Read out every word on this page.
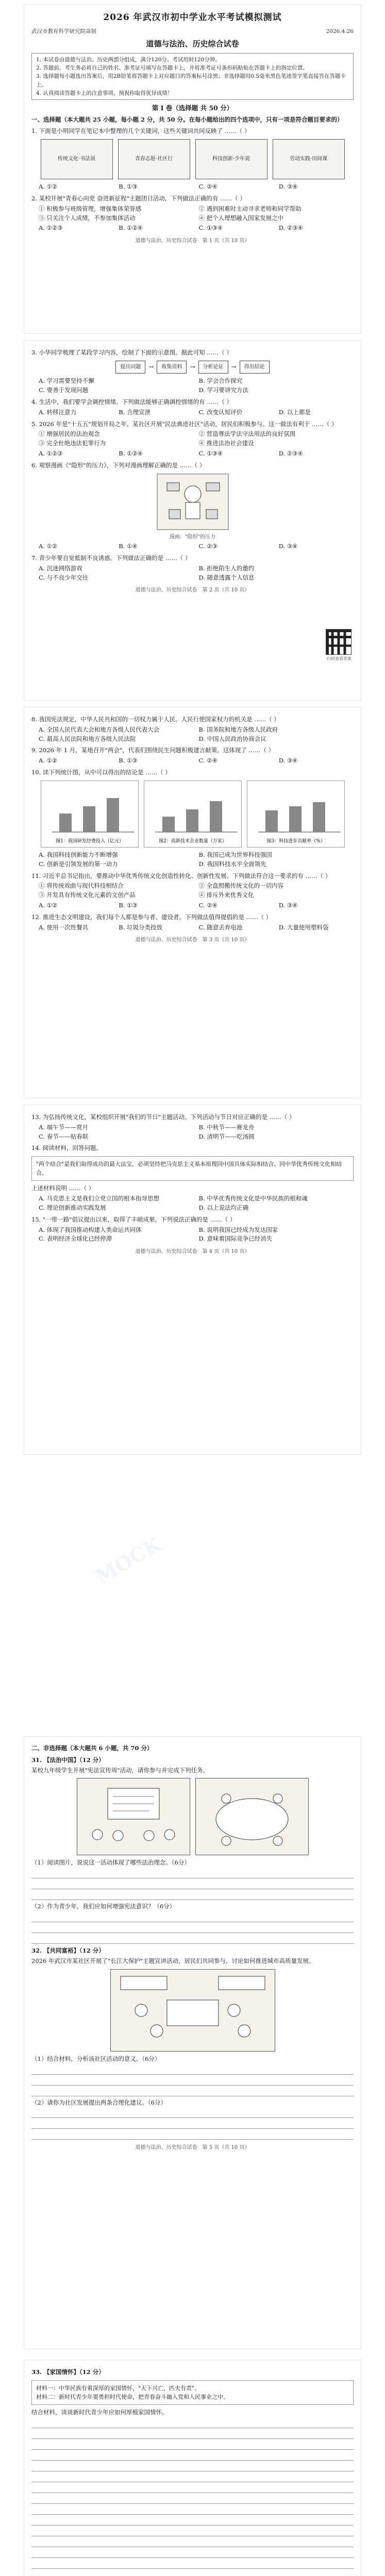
2026 年武汉市初中学业水平考试模拟测试
武汉市教育科学研究院命制	2026.4.26
道德与法治、历史综合试卷
1. 本试卷由道德与法治、历史两部分组成，满分120分。考试用时120分钟。
2. 答题前，考生务必将自己的姓名、准考证号填写在答题卡上，并将准考证号条形码粘贴在答题卡上的指定位置。
3. 选择题每小题选出答案后，用2B铅笔将答题卡上对应题目的答案标号涂黑；非选择题用0.5毫米黑色笔迹签字笔直接答在答题卡上。
4. 认真阅读答题卡上的注意事项。预祝你取得优异成绩！
第 I 卷（选择题 共 50 分）
一、选择题（本大题共 25 小题，每小题 2 分，共 50 分。在每小题给出的四个选项中，只有一项是符合题目要求的）

1. 下面是小明同学在笔记本中整理的几个关键词，这些关键词共同反映了 ……（ ）

传统文化·书法展	青春志愿·社区行	科技创新·少年说	劳动实践·田间课
A. ①②	B. ①③	C. ②④	D. ③④

2. 某校开展"青春心向党 奋进新征程"主题团日活动，下列做法正确的有 ……（ ）

① 积极参与班级管理，增强集体荣誉感	② 遇到困难时主动寻求老师和同学帮助
③ 只关注个人成绩，不参加集体活动	④ 把个人理想融入国家发展之中
A. ①②③	B. ①②④	C. ①③④	D. ②③④
道德与法治、历史综合试卷　第 1 页（共 10 页）

3. 小华同学梳理了某段学习内容，绘制了下面的示意图。据此可知 ……（ ）

提出问题	→	收集资料	→	分析论证	→	得出结论
A. 学习需要坚持不懈	B. 学会合作探究
C. 要善于发现问题	D. 学习要讲究方法

4. 生活中，我们要学会调控情绪。下列做法能够正确调控情绪的有 ……（ ）

A. 转移注意力	B. 合理宣泄	C. 改变认知评价	D. 以上都是

5. 2026 年是"十五五"规划开局之年。某社区开展"民法典进社区"活动，居民们积极参与。这一做法有利于 ……（ ）

① 增强居民的法治观念	② 营造尊法学法守法用法的良好氛围
③ 完全杜绝违法犯罪行为	④ 推进法治社会建设
A. ①②③	B. ①②④	C. ①③④	D. ②③④

6. 观察漫画《"隐形"的压力》，下列对漫画理解正确的是 ……（ ）

漫画："隐形"的压力

A. ①②	B. ①④	C. ②③	D. ③④

7. 青少年要自觉抵制不良诱惑。下列做法正确的是 ……（ ）

A. 沉迷网络游戏	B. 拒绝陌生人的邀约
C. 与不良少年交往	D. 随意透露个人信息
扫码查看答案
道德与法治、历史综合试卷　第 2 页（共 10 页）

8. 我国宪法规定，中华人民共和国的一切权力属于人民。人民行使国家权力的机关是 ……（ ）

A. 全国人民代表大会和地方各级人民代表大会	B. 国务院和地方各级人民政府
C. 最高人民法院和地方各级人民法院	D. 中国人民政治协商会议

9. 2026 年 1 月，某地召开"两会"，代表们围绕民生问题积极建言献策。这体现了 ……（ ）

A. ①②	B. ①③	C. ②④	D. ③④

10. 读下列统计图，从中可以得出的结论是 ……（ ）

图1：我国研发经费投入（亿元）	图2：高新技术企业数量（万家）	图3：科技进步贡献率（%）
A. 我国科技创新能力不断增强	B. 我国已成为世界科技强国
C. 创新是引领发展的第一动力	D. 我国科技水平全面领先

11. 习近平总书记指出，要推动中华优秀传统文化创造性转化、创新性发展。下列做法符合这一要求的有 ……（ ）

① 将传统戏曲与现代科技相结合	② 全盘照搬传统文化的一切内容
③ 开发具有传统文化元素的文创产品	④ 排斥外来优秀文化
A. ①②	B. ①③	C. ②④	D. ③④

12. 推进生态文明建设，我们每个人都是参与者、建设者。下列做法值得提倡的是 ……（ ）

A. 使用一次性餐具	B. 垃圾分类投放	C. 随意丢弃电池	D. 大量使用塑料袋
道德与法治、历史综合试卷　第 3 页（共 10 页）
MOCK

13. 为弘扬传统文化，某校组织开展"我们的节日"主题活动。下列活动与节日对应正确的是 ……（ ）

A. 端午节——赏月	B. 中秋节——赛龙舟
C. 春节——贴春联	D. 清明节——吃汤圆

14. 阅读材料，回答问题。

"两个结合"是我们取得成功的最大法宝。必须坚持把马克思主义基本原理同中国具体实际相结合、同中华优秀传统文化相结合。

上述材料说明 ……（ ）

A. 马克思主义是我们立党立国的根本指导思想	B. 中华优秀传统文化是中华民族的根和魂
C. 理论创新推动实践发展	D. 以上说法均正确

15. "一带一路"倡议提出以来，取得了丰硕成果。下列说法正确的是 ……（ ）

A. 体现了我国推动构建人类命运共同体	B. 说明我国已经成为发达国家
C. 表明经济全球化已经停滞	D. 意味着国际竞争已经消失
道德与法治、历史综合试卷　第 4 页（共 10 页）
二、非选择题（本大题共 6 小题，共 70 分）

31. 【法治中国】（12 分）

某校九年级学生开展"宪法宣传周"活动，请你参与并完成下列任务。

（1）阅读图片，说说这一活动体现了哪些法治理念。（6分）

（2）作为青少年，我们应如何增强宪法意识？（6分）

32. 【共同富裕】（12 分）

2026 年武汉市某社区开展了"长江大保护"主题宣讲活动，居民们共同参与，讨论如何推进城市高质量发展。

（1）结合材料，分析该社区活动的意义。（6分）

（2）请你为社区发展提出两条合理化建议。（6分）

道德与法治、历史综合试卷　第 5 页（共 10 页）

33. 【家国情怀】（12 分）

材料一：中华民族有着深厚的家国情怀，"天下兴亡，匹夫有责"。
材料二：新时代青少年要勇担时代使命，把青春奋斗融入党和人民事业之中。

结合材料，谈谈新时代青少年应如何厚植家国情怀。
